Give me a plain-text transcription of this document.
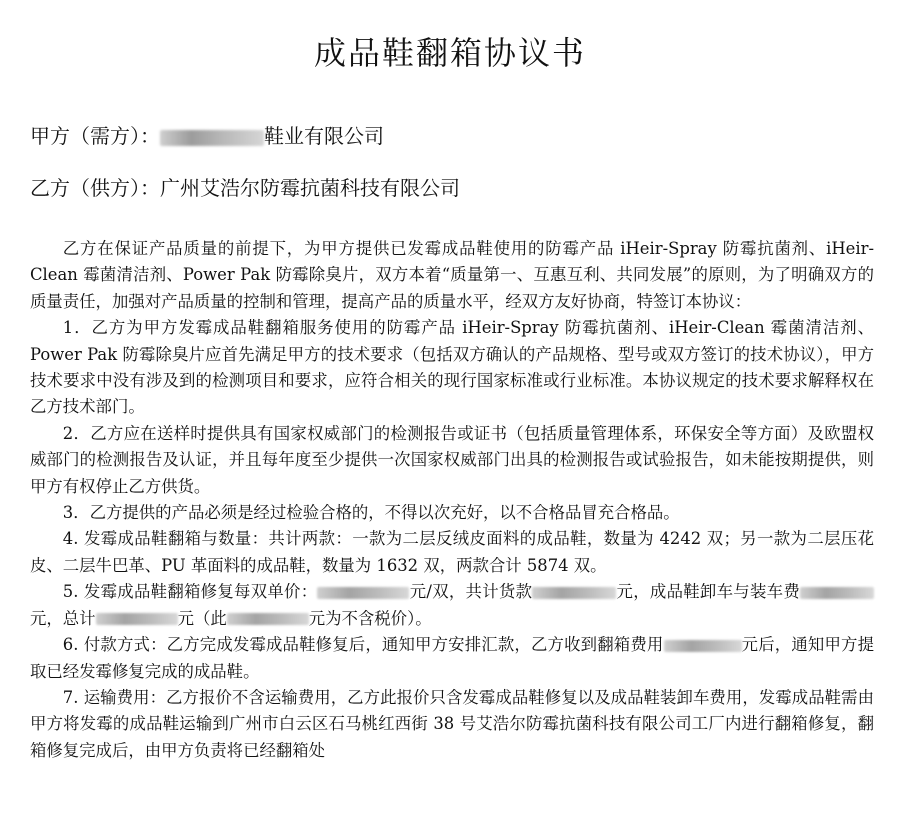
成品鞋翻箱协议书
甲方（需方）：	鞋业有限公司
乙方（供方）：广州艾浩尔防霉抗菌科技有限公司

乙方在保证产品质量的前提下，为甲方提供已发霉成品鞋使用的防霉产品 iHeir-Spray 防霉抗菌剂、iHeir-Clean 霉菌清洁剂、Power Pak 防霉除臭片，双方本着“质量第一、互惠互利、共同发展”的原则，为了明确双方的质量责任，加强对产品质量的控制和管理，提高产品的质量水平，经双方友好协商，特签订本协议：

1．乙方为甲方发霉成品鞋翻箱服务使用的防霉产品 iHeir-Spray 防霉抗菌剂、iHeir-Clean 霉菌清洁剂、Power Pak 防霉除臭片应首先满足甲方的技术要求（包括双方确认的产品规格、型号或双方签订的技术协议），甲方技术要求中没有涉及到的检测项目和要求，应符合相关的现行国家标准或行业标准。本协议规定的技术要求解释权在乙方技术部门。

2．乙方应在送样时提供具有国家权威部门的检测报告或证书（包括质量管理体系，环保安全等方面）及欧盟权威部门的检测报告及认证，并且每年度至少提供一次国家权威部门出具的检测报告或试验报告，如未能按期提供，则甲方有权停止乙方供货。

3．乙方提供的产品必须是经过检验合格的，不得以次充好，以不合格品冒充合格品。

4. 发霉成品鞋翻箱与数量：共计两款：一款为二层反绒皮面料的成品鞋，数量为 4242 双；另一款为二层压花皮、二层牛巴革、PU 革面料的成品鞋，数量为 1632 双，两款合计 5874 双。

5. 发霉成品鞋翻箱修复每双单价：	元/双，共计货款	元，成品鞋卸车与装车费元，总计	元（此	元为不含税价）。

6. 付款方式：乙方完成发霉成品鞋修复后，通知甲方安排汇款，乙方收到翻箱费用	元后，通知甲方提取已经发霉修复完成的成品鞋。

7. 运输费用：乙方报价不含运输费用，乙方此报价只含发霉成品鞋修复以及成品鞋装卸车费用，发霉成品鞋需由甲方将发霉的成品鞋运输到广州市白云区石马桃红西街 38 号艾浩尔防霉抗菌科技有限公司工厂内进行翻箱修复，翻箱修复完成后，由甲方负责将已经翻箱处
